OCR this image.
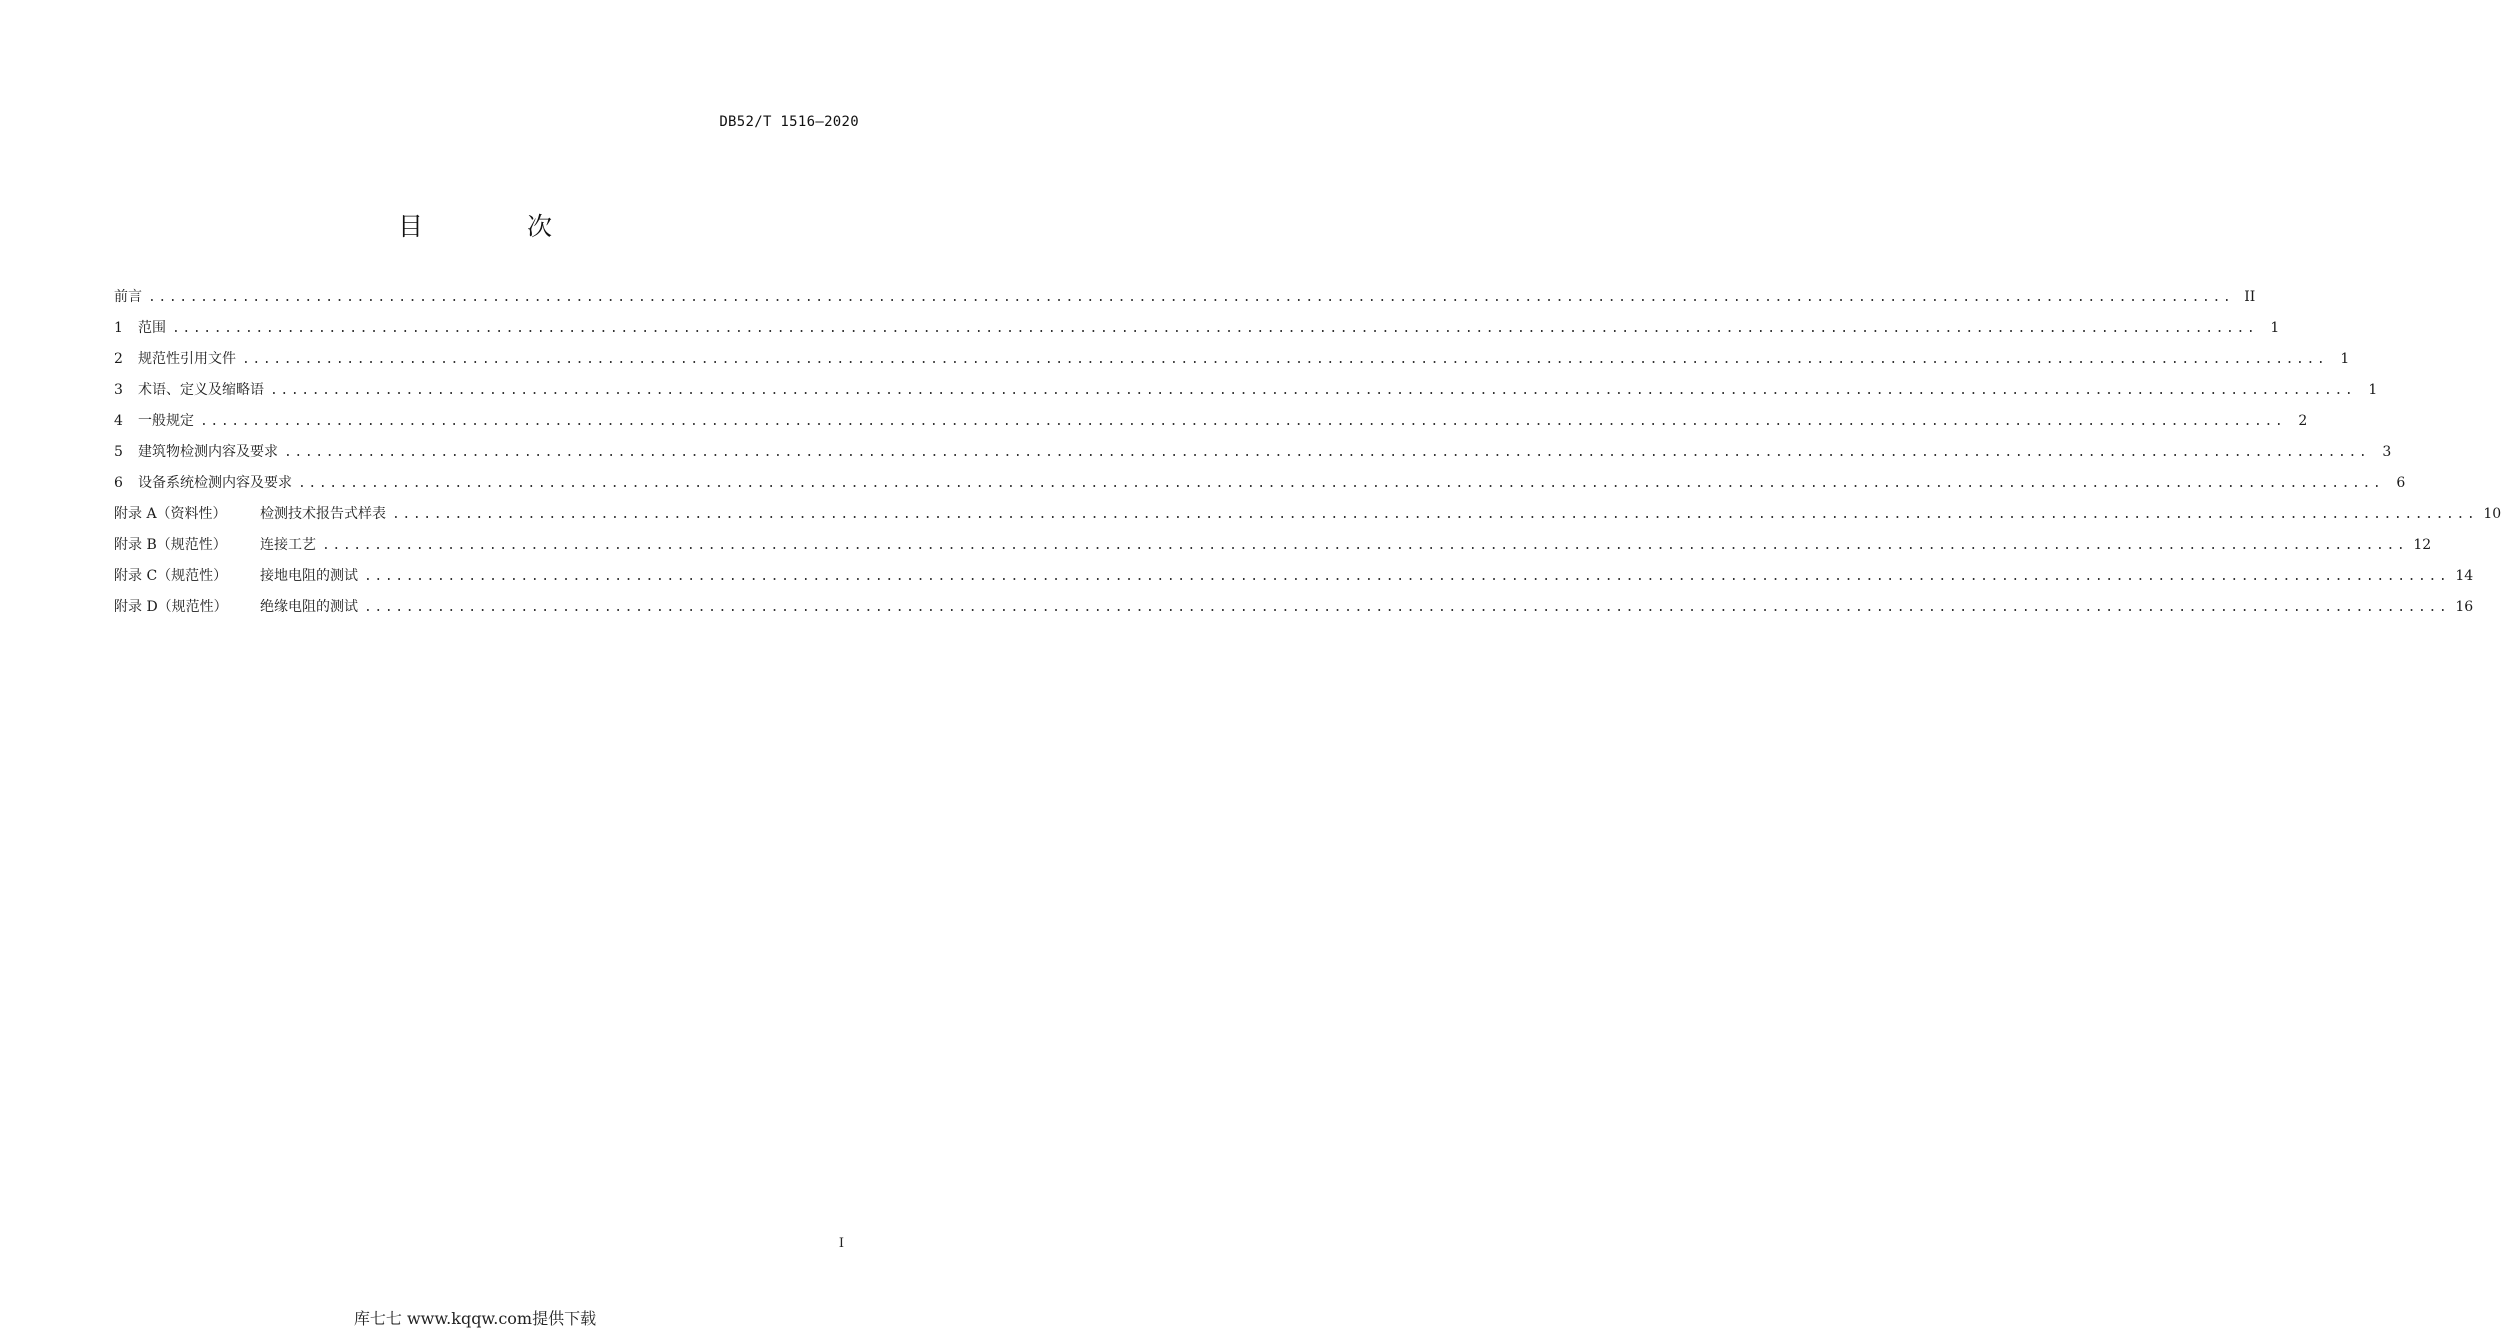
DB52/T 1516—2020
目 次
前言 ........................................................................................................................................................................................................ II
1	范围 ........................................................................................................................................................................................................ 1
2	规范性引用文件 ........................................................................................................................................................................................................ 1
3	术语、定义及缩略语 ........................................................................................................................................................................................................ 1
4	一般规定 ........................................................................................................................................................................................................ 2
5	建筑物检测内容及要求 ........................................................................................................................................................................................................ 3
6	设备系统检测内容及要求 ........................................................................................................................................................................................................ 6
附录 A（资料性）	检测技术报告式样表 ........................................................................................................................................................................................................ 10
附录 B（规范性）	连接工艺 ........................................................................................................................................................................................................ 12
附录 C（规范性）	接地电阻的测试 ........................................................................................................................................................................................................ 14
附录 D（规范性）	绝缘电阻的测试 ........................................................................................................................................................................................................ 16
I
库七七 www.kqqw.com提供下载
